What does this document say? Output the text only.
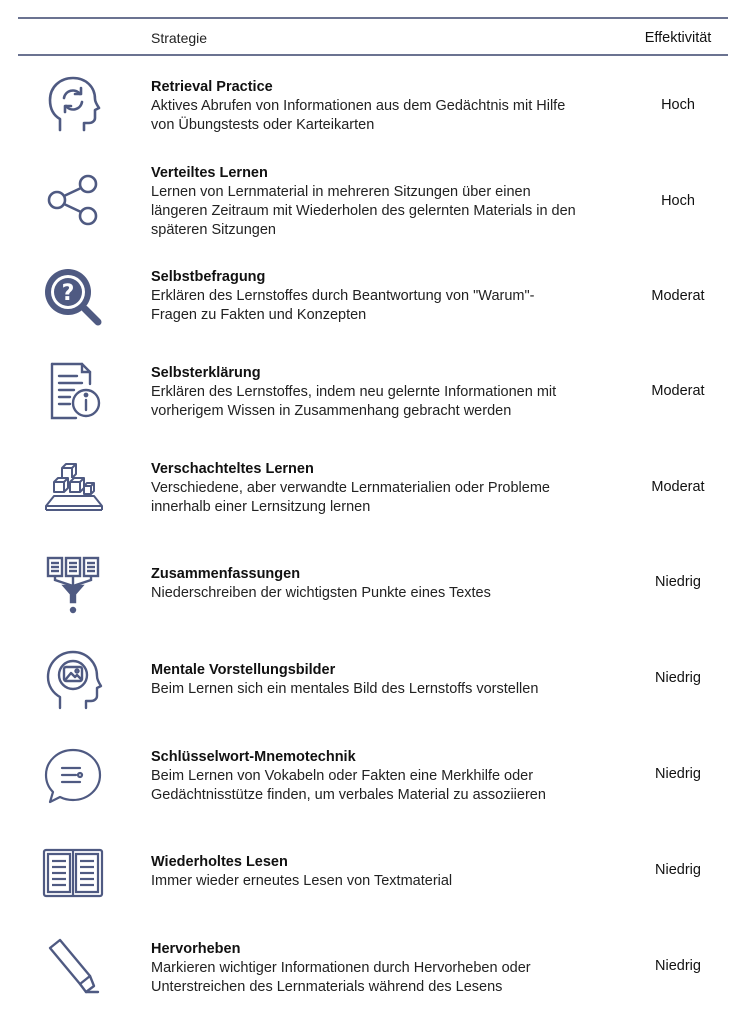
Strategie	Effektivität
Retrieval Practice
Aktives Abrufen von Informationen aus dem Gedächtnis mit Hilfe
von Übungstests oder Karteikarten
Hoch
Verteiltes Lernen
Lernen von Lernmaterial in mehreren Sitzungen über einen
längeren Zeitraum mit Wiederholen des gelernten Materials in den
späteren Sitzungen
Hoch
?
Selbstbefragung
Erklären des Lernstoffes durch Beantwortung von "Warum"-
Fragen zu Fakten und Konzepten
Moderat
Selbsterklärung
Erklären des Lernstoffes, indem neu gelernte Informationen mit
vorherigem Wissen in Zusammenhang gebracht werden
Moderat
Verschachteltes Lernen
Verschiedene, aber verwandte Lernmaterialien oder Probleme
innerhalb einer Lernsitzung lernen
Moderat
Zusammenfassungen
Niederschreiben der wichtigsten Punkte eines Textes
Niedrig
Mentale Vorstellungsbilder
Beim Lernen sich ein mentales Bild des Lernstoffs vorstellen
Niedrig
Schlüsselwort-Mnemotechnik
Beim Lernen von Vokabeln oder Fakten eine Merkhilfe oder
Gedächtnisstütze finden, um verbales Material zu assoziieren
Niedrig
Wiederholtes Lesen
Immer wieder erneutes Lesen von Textmaterial
Niedrig
Hervorheben
Markieren wichtiger Informationen durch Hervorheben oder
Unterstreichen des Lernmaterials während des Lesens
Niedrig
